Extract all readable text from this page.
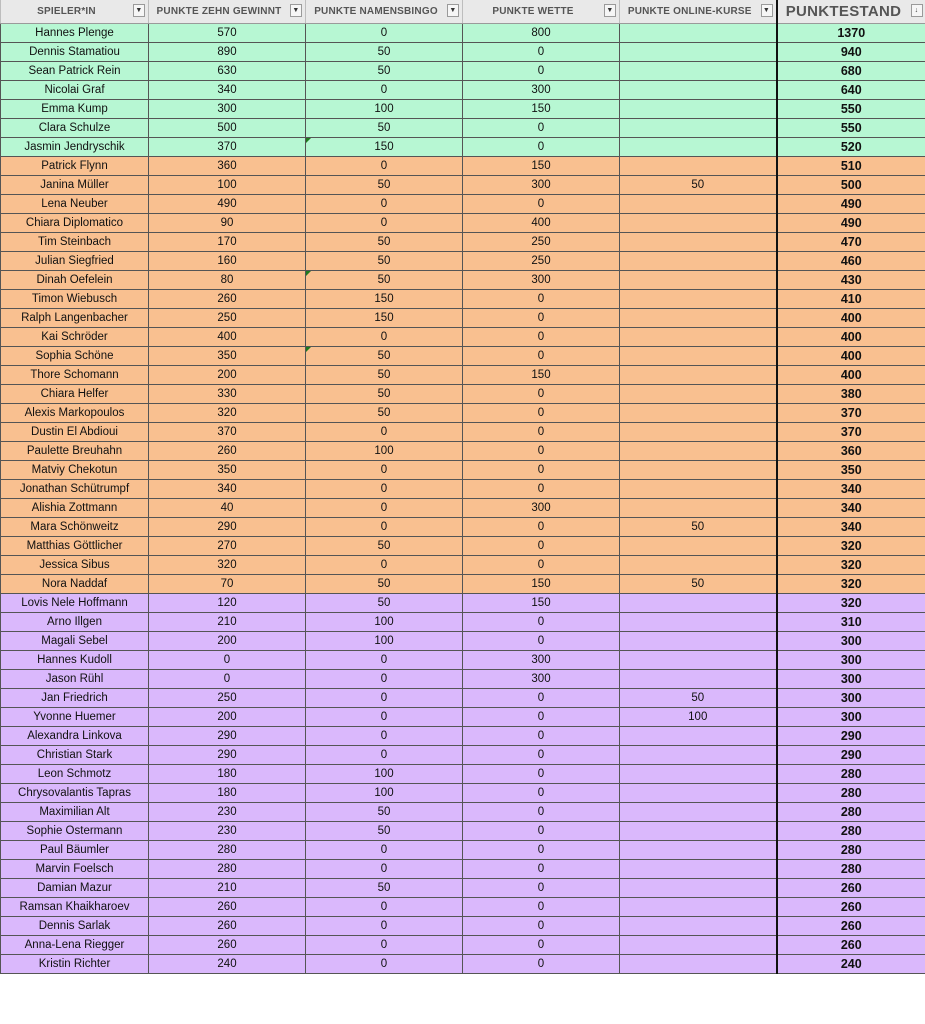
SPIELER*IN ▼	PUNKTE ZEHN GEWINNT ▼	PUNKTE NAMENSBINGO ▼	PUNKTE WETTE ▼	PUNKTE ONLINE-KURSE ▼	PUNKTESTAND ↓

Hannes Plenge	570	0	800		1370
Dennis Stamatiou	890	50	0		940
Sean Patrick Rein	630	50	0		680
Nicolai Graf	340	0	300		640
Emma Kump	300	100	150		550
Clara Schulze	500	50	0		550
Jasmin Jendryschik	370	150	0		520
Patrick Flynn	360	0	150		510
Janina Müller	100	50	300	50	500
Lena Neuber	490	0	0		490
Chiara Diplomatico	90	0	400		490
Tim Steinbach	170	50	250		470
Julian Siegfried	160	50	250		460
Dinah Oefelein	80	50	300		430
Timon Wiebusch	260	150	0		410
Ralph Langenbacher	250	150	0		400
Kai Schröder	400	0	0		400
Sophia Schöne	350	50	0		400
Thore Schomann	200	50	150		400
Chiara Helfer	330	50	0		380
Alexis Markopoulos	320	50	0		370
Dustin El Abdioui	370	0	0		370
Paulette Breuhahn	260	100	0		360
Matviy Chekotun	350	0	0		350
Jonathan Schütrumpf	340	0	0		340
Alishia Zottmann	40	0	300		340
Mara Schönweitz	290	0	0	50	340
Matthias Göttlicher	270	50	0		320
Jessica Sibus	320	0	0		320
Nora Naddaf	70	50	150	50	320
Lovis Nele Hoffmann	120	50	150		320
Arno Illgen	210	100	0		310
Magali Sebel	200	100	0		300
Hannes Kudoll	0	0	300		300
Jason Rühl	0	0	300		300
Jan Friedrich	250	0	0	50	300
Yvonne Huemer	200	0	0	100	300
Alexandra Linkova	290	0	0		290
Christian Stark	290	0	0		290
Leon Schmotz	180	100	0		280
Chrysovalantis Tapras	180	100	0		280
Maximilian Alt	230	50	0		280
Sophie Ostermann	230	50	0		280
Paul Bäumler	280	0	0		280
Marvin Foelsch	280	0	0		280
Damian Mazur	210	50	0		260
Ramsan Khaikharoev	260	0	0		260
Dennis Sarlak	260	0	0		260
Anna-Lena Riegger	260	0	0		260
Kristin Richter	240	0	0		240
